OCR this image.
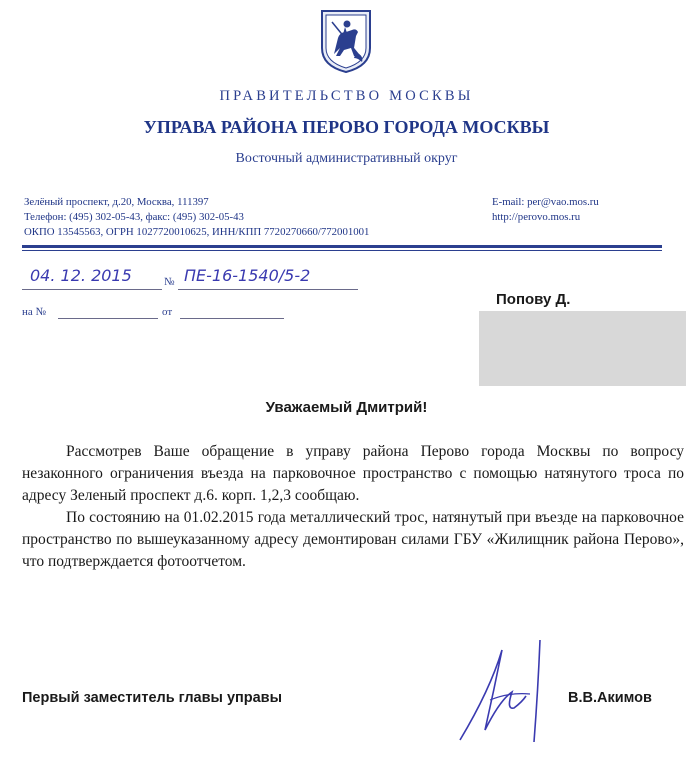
ПРАВИТЕЛЬСТВО МОСКВЫ
УПРАВА РАЙОНА ПЕРОВО ГОРОДА МОСКВЫ
Восточный административный округ
Зелёный проспект, д.20, Москва, 111397
Телефон: (495) 302-05-43, факс: (495) 302-05-43
ОКПО 13545563, ОГРН 1027720010625, ИНН/КПП 7720270660/772001001
E-mail: per@vao.mos.ru
http://perovo.mos.ru
04. 12. 2015	№ ПЕ-16-1540/5-2
на №	от
Попову Д.
Уважаемый Дмитрий!

Рассмотрев Ваше обращение в управу района Перово города Москвы по вопросу незаконного ограничения въезда на парковочное пространство с помощью натянутого троса по адресу Зеленый проспект д.6. корп. 1,2,3 сообщаю.

По состоянию на 01.02.2015 года металлический трос, натянутый при въезде на парковочное пространство по вышеуказанному адресу демонтирован силами ГБУ «Жилищник района Перово», что подтверждается фотоотчетом.

Первый заместитель главы управы	В.В.Акимов
